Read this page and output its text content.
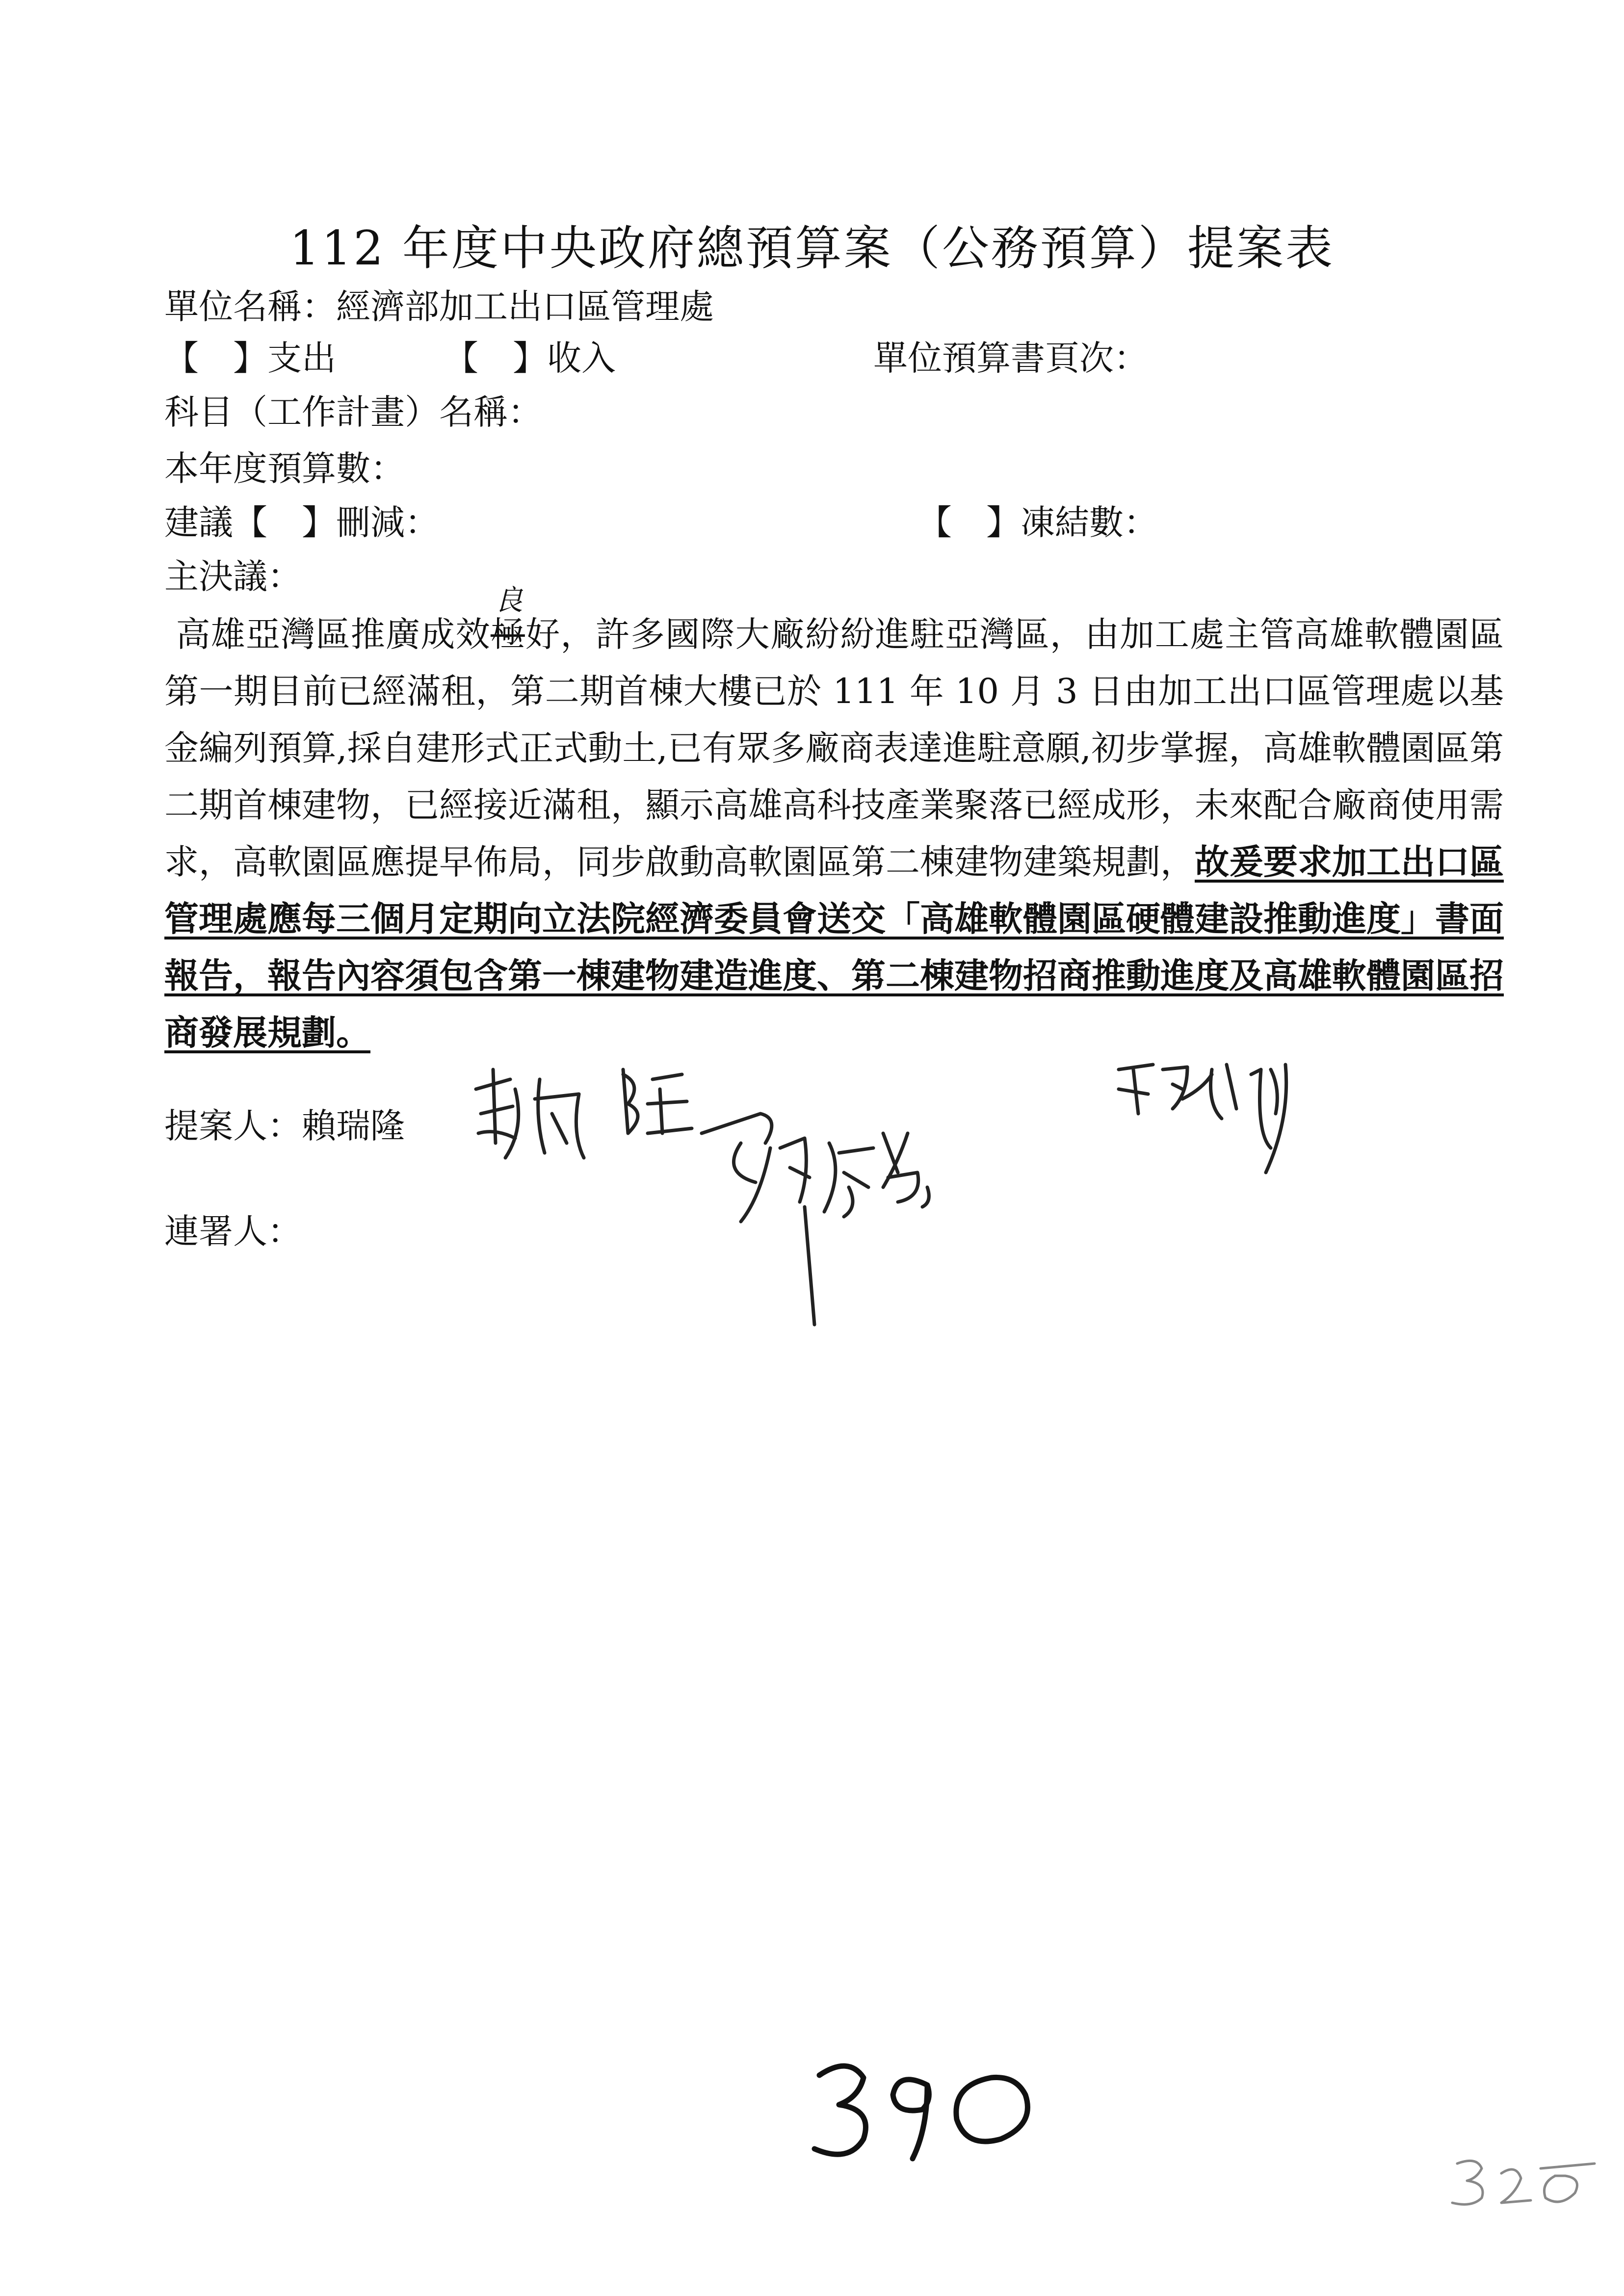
112 年度中央政府總預算案（公務預算）提案表
單位名稱：經濟部加工出口區管理處
【　】支出	【　】收入	單位預算書頁次：
科目（工作計畫）名稱：
本年度預算數：
建議【　】刪減：	【　】凍結數：
主決議：
高雄亞灣區推廣成效極
良
好，許多國際大廠紛紛進駐亞灣區，由加工處主管高雄軟體園區第一期目前已經滿租，第二期首棟大樓已於 111 年 10 月 3 日由加工出口區管理處以基金編列預算,採自建形式正式動土,已有眾多廠商表達進駐意願,初步掌握，高雄軟體園區第二期首棟建物，已經接近滿租，顯示高雄高科技產業聚落已經成形，未來配合廠商使用需求，高軟園區應提早佈局，同步啟動高軟園區第二棟建物建築規劃，故爰要求加工出口區管理處應每三個月定期向立法院經濟委員會送交「高雄軟體園區硬體建設推動進度」書面報告，報告內容須包含第一棟建物建造進度、第二棟建物招商推動進度及高雄軟體園區招商發展規劃。
提案人：賴瑞隆
連署人：
